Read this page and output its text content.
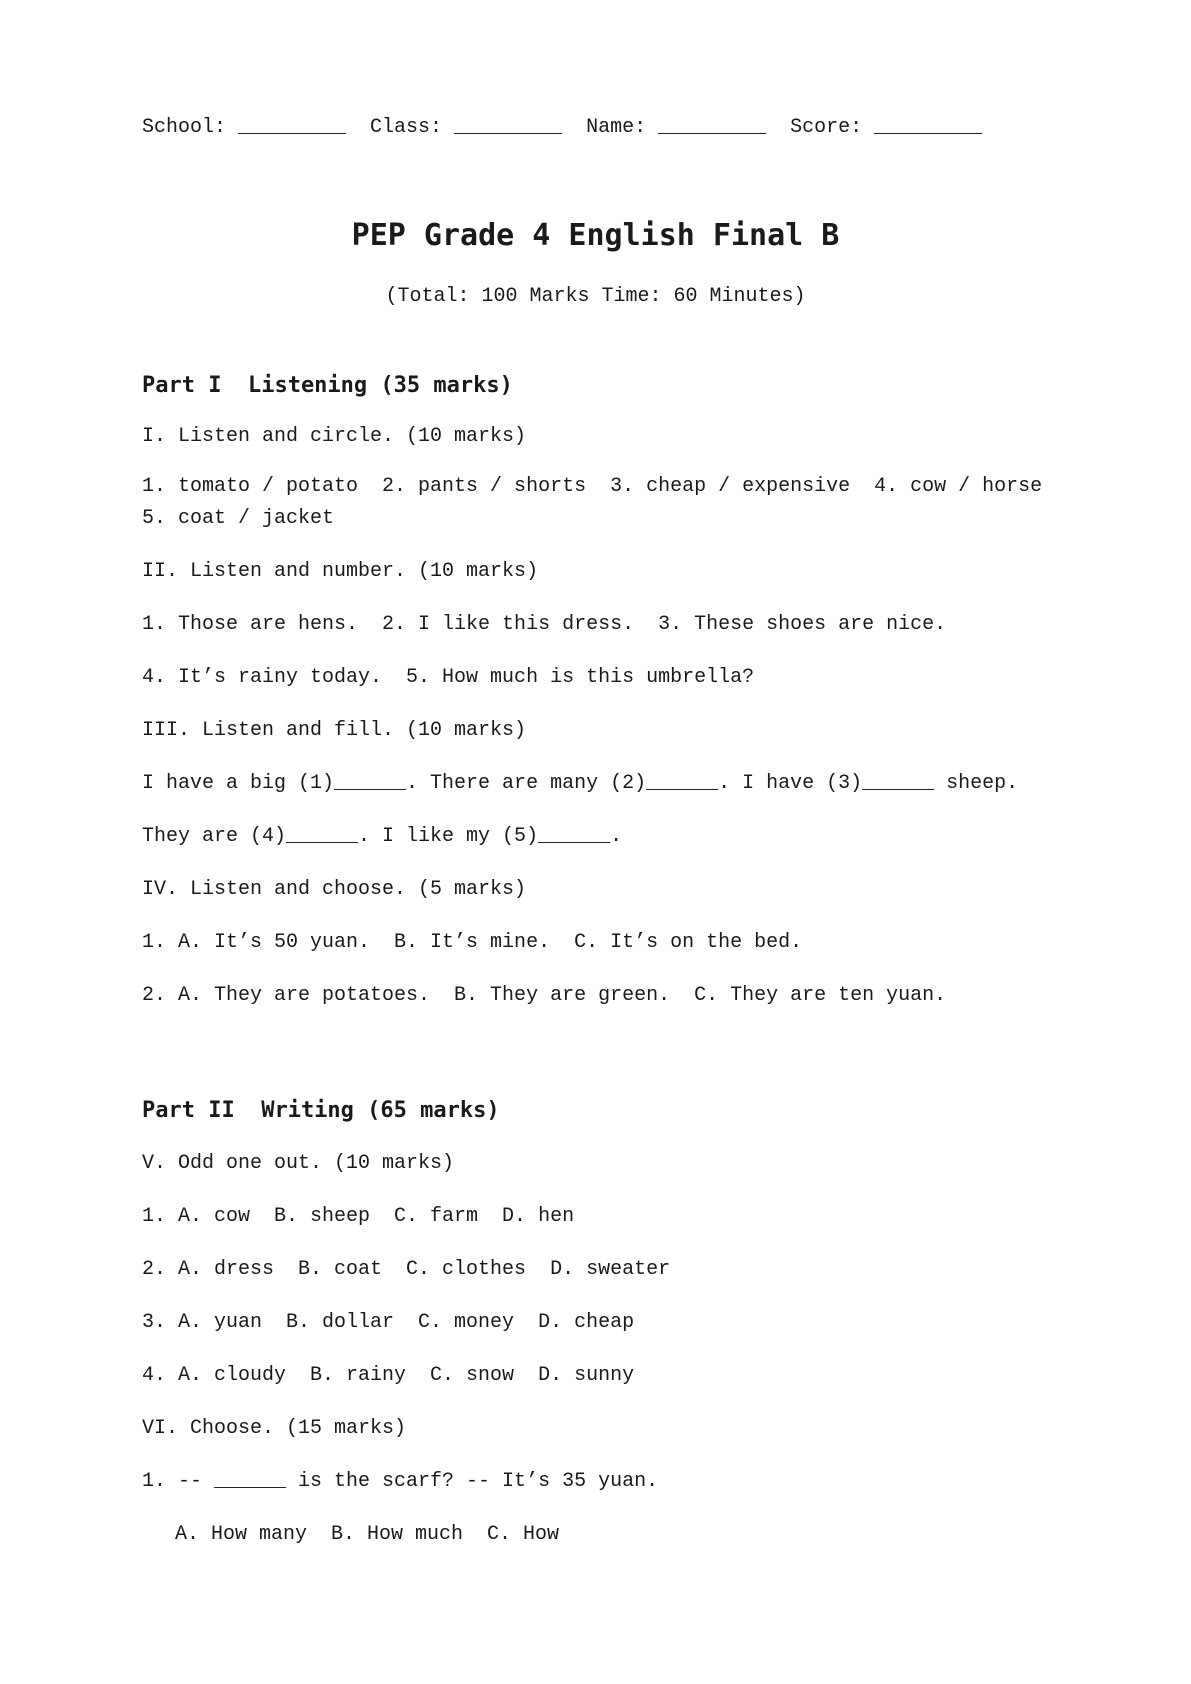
School: _________  Class: _________  Name: _________  Score: _________
PEP Grade 4 English Final B
(Total: 100 Marks Time: 60 Minutes)
Part I  Listening (35 marks)
I. Listen and circle. (10 marks)
1. tomato / potato  2. pants / shorts  3. cheap / expensive  4. cow / horse  5. coat / jacket
II. Listen and number. (10 marks)
1. Those are hens.  2. I like this dress.  3. These shoes are nice.
4. It’s rainy today.  5. How much is this umbrella?
III. Listen and fill. (10 marks)
I have a big (1)______. There are many (2)______. I have (3)______ sheep.
They are (4)______. I like my (5)______.
IV. Listen and choose. (5 marks)
1. A. It’s 50 yuan.  B. It’s mine.  C. It’s on the bed.
2. A. They are potatoes.  B. They are green.  C. They are ten yuan.
Part II  Writing (65 marks)
V. Odd one out. (10 marks)
1. A. cow  B. sheep  C. farm  D. hen
2. A. dress  B. coat  C. clothes  D. sweater
3. A. yuan  B. dollar  C. money  D. cheap
4. A. cloudy  B. rainy  C. snow  D. sunny
VI. Choose. (15 marks)
1. -- ______ is the scarf? -- It’s 35 yuan.
A. How many  B. How much  C. How
